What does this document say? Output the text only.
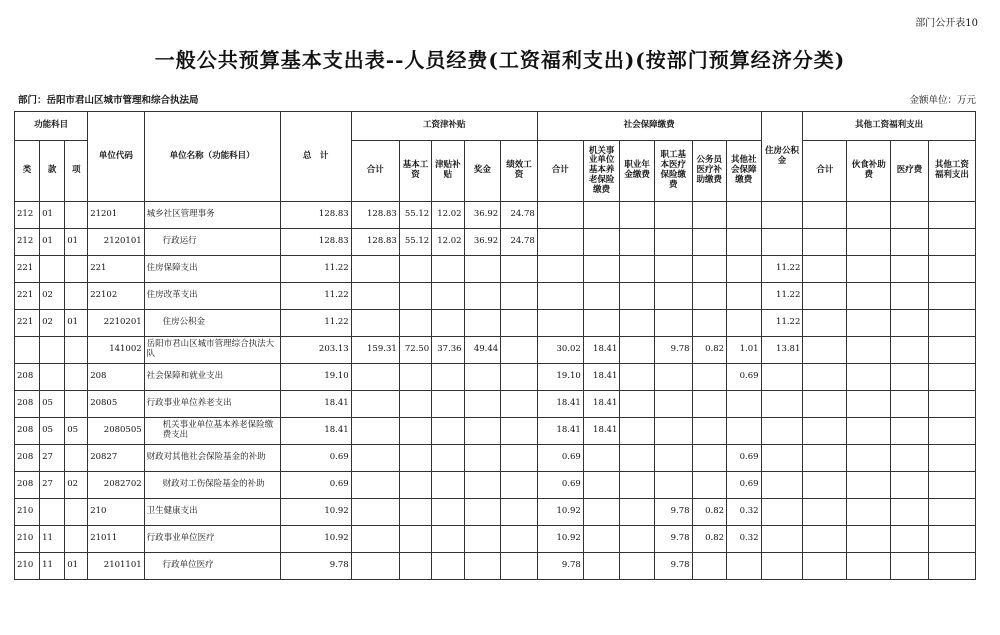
部门公开表10
一般公共预算基本支出表--人员经费(工资福利支出)(按部门预算经济分类)
部门：岳阳市君山区城市管理和综合执法局	金额单位：万元
功能科目			单位代码	单位名称（功能科目）	总　计	工资津补贴					社会保障缴费						住房公积金	其他工资福利支出			
类	款	项				合计	基本工资	津贴补贴	奖金	绩效工资	合计	机关事业单位基本养老保险缴费	职业年金缴费	职工基本医疗保险缴费	公务员医疗补助缴费	其他社会保障缴费		合计	伙食补助费	医疗费	其他工资福利支出
212	01		21201	城乡社区管理事务	128.83	128.83	55.12	12.02	36.92	24.78											
212	01	01	2120101	行政运行	128.83	128.83	55.12	12.02	36.92	24.78											
221			221	住房保障支出	11.22												11.22				
221	02		22102	住房改革支出	11.22												11.22				
221	02	01	2210201	住房公积金	11.22												11.22				
			141002	岳阳市君山区城市管理综合执法大队	203.13	159.31	72.50	37.36	49.44		30.02	18.41		9.78	0.82	1.01	13.81				
208			208	社会保障和就业支出	19.10						19.10	18.41				0.69					
208	05		20805	行政事业单位养老支出	18.41						18.41	18.41									
208	05	05	2080505	机关事业单位基本养老保险缴费支出	18.41						18.41	18.41									
208	27		20827	财政对其他社会保险基金的补助	0.69						0.69					0.69					
208	27	02	2082702	财政对工伤保险基金的补助	0.69						0.69					0.69					
210			210	卫生健康支出	10.92						10.92			9.78	0.82	0.32					
210	11		21011	行政事业单位医疗	10.92						10.92			9.78	0.82	0.32					
210	11	01	2101101	行政单位医疗	9.78						9.78			9.78							
